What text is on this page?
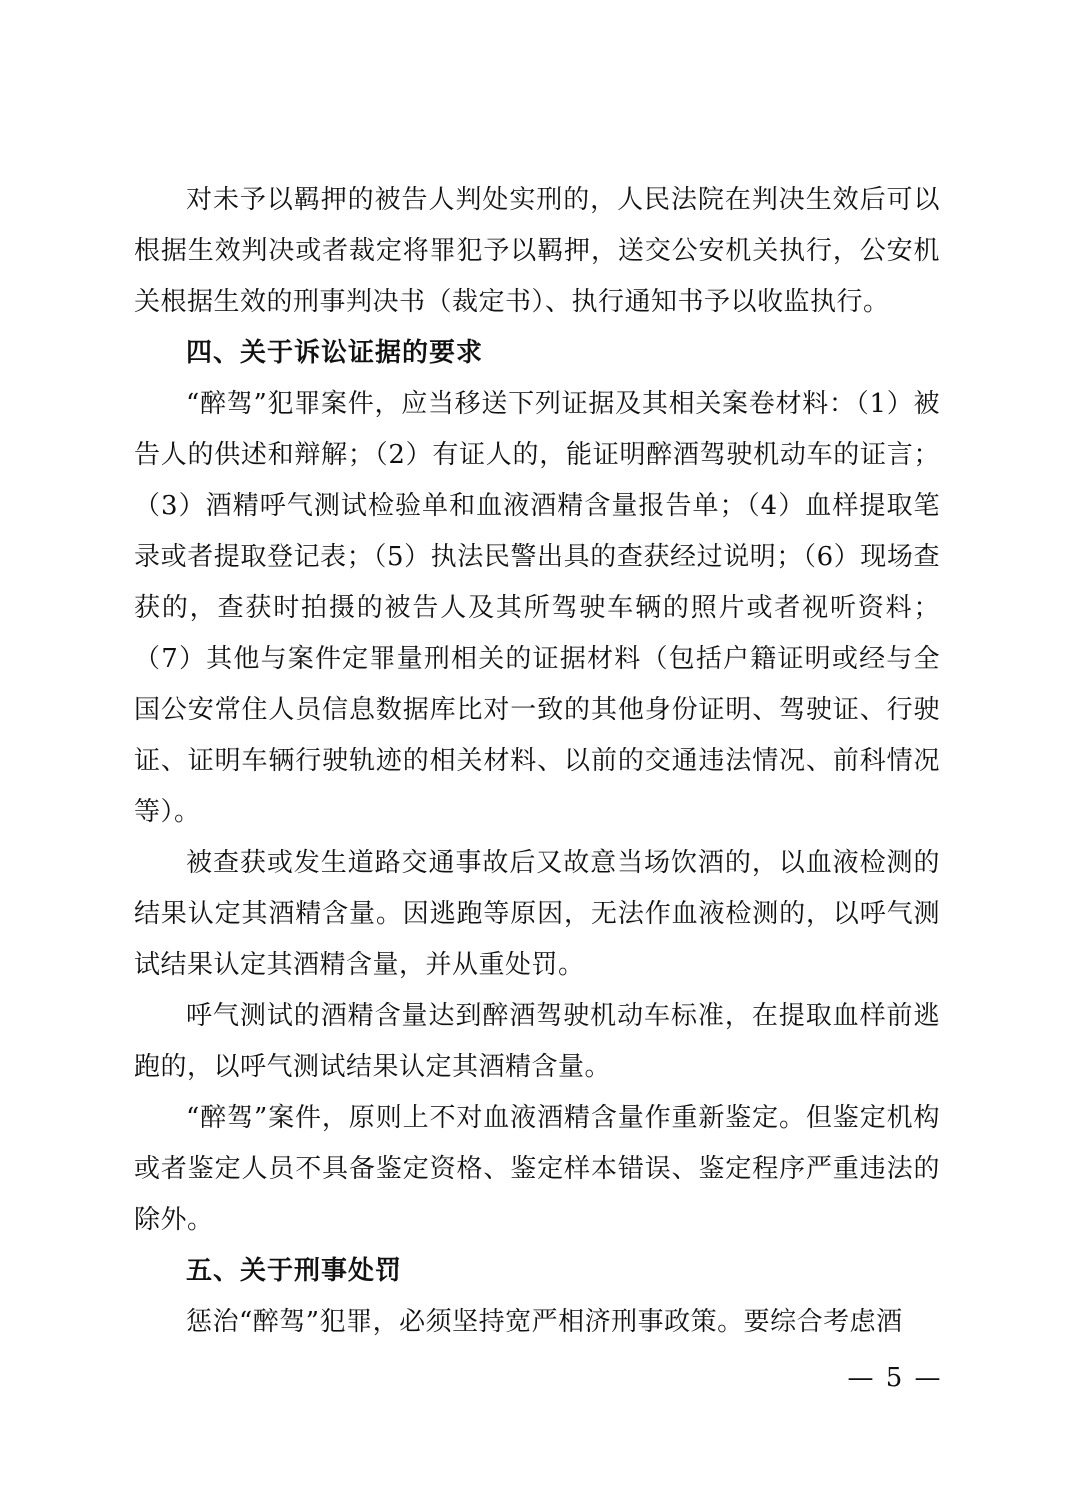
对未予以羁押的被告人判处实刑的，人民法院在判决生效后可以根据生效判决或者裁定将罪犯予以羁押，送交公安机关执行，公安机关根据生效的刑事判决书（裁定书）、执行通知书予以收监执行。

四、关于诉讼证据的要求

“醉驾”犯罪案件，应当移送下列证据及其相关案卷材料：（1）被告人的供述和辩解；（2）有证人的，能证明醉酒驾驶机动车的证言；（3）酒精呼气测试检验单和血液酒精含量报告单；（4）血样提取笔录或者提取登记表；（5）执法民警出具的查获经过说明；（6）现场查获的，查获时拍摄的被告人及其所驾驶车辆的照片或者视听资料；（7）其他与案件定罪量刑相关的证据材料（包括户籍证明或经与全国公安常住人员信息数据库比对一致的其他身份证明、驾驶证、行驶证、证明车辆行驶轨迹的相关材料、以前的交通违法情况、前科情况等）。

被查获或发生道路交通事故后又故意当场饮酒的，以血液检测的结果认定其酒精含量。因逃跑等原因，无法作血液检测的，以呼气测试结果认定其酒精含量，并从重处罚。

呼气测试的酒精含量达到醉酒驾驶机动车标准，在提取血样前逃跑的，以呼气测试结果认定其酒精含量。

“醉驾”案件，原则上不对血液酒精含量作重新鉴定。但鉴定机构或者鉴定人员不具备鉴定资格、鉴定样本错误、鉴定程序严重违法的除外。

五、关于刑事处罚

惩治“醉驾”犯罪，必须坚持宽严相济刑事政策。要综合考虑酒

— 5 —
